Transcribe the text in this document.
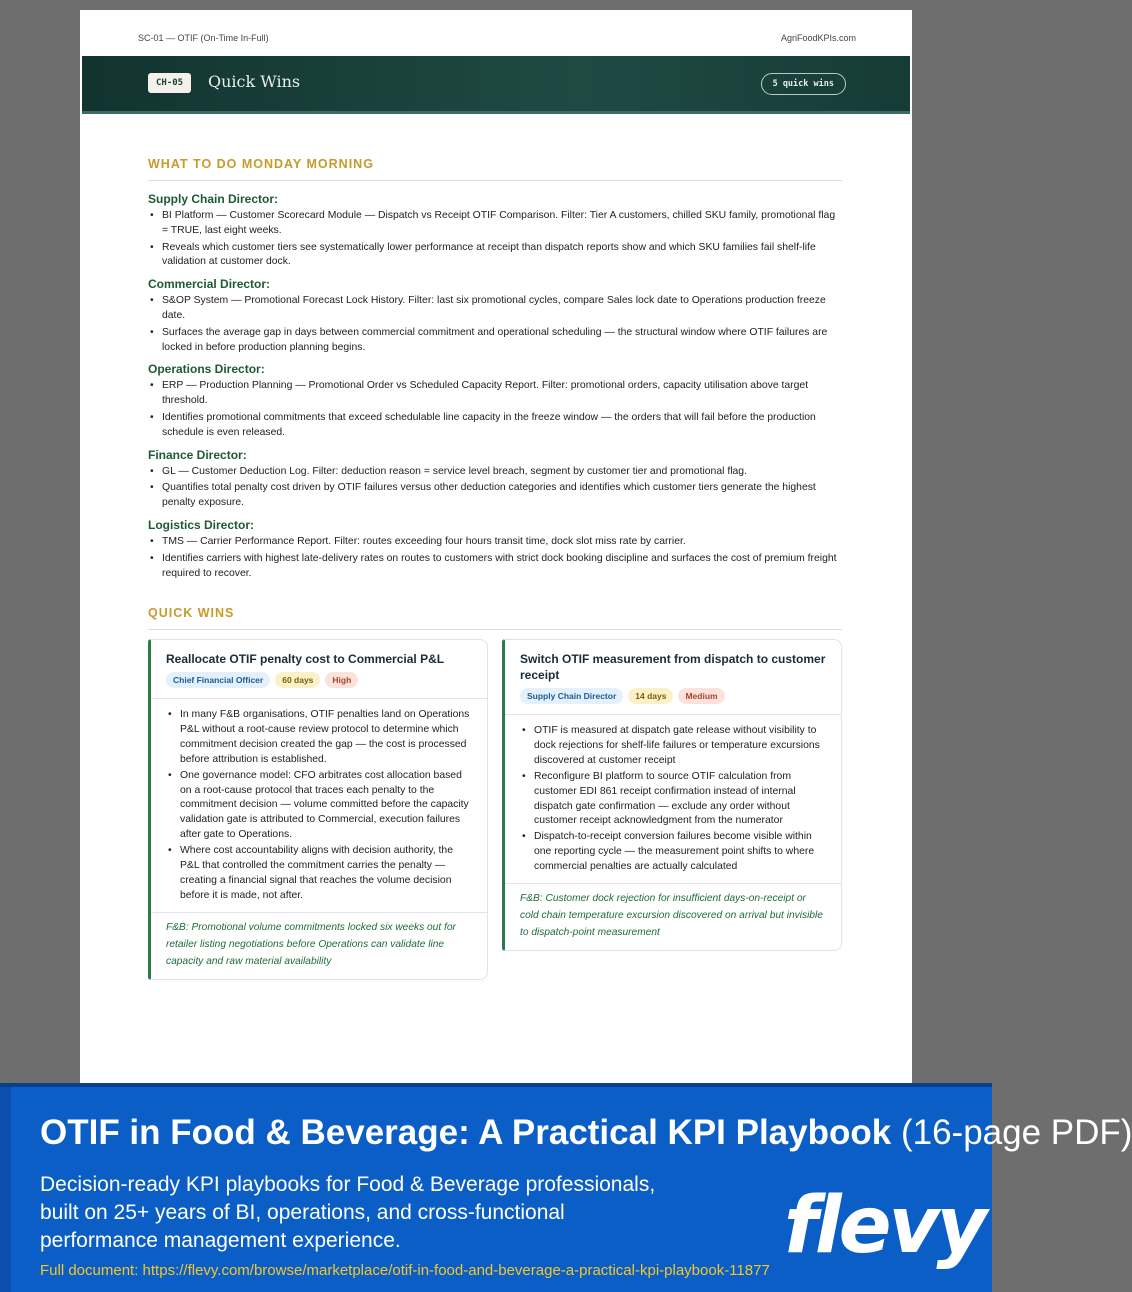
SC-01 — OTIF (On-Time In-Full)	AgriFoodKPIs.com
CH-05	Quick Wins	5 quick wins
WHAT TO DO MONDAY MORNING
Supply Chain Director:
• BI Platform — Customer Scorecard Module — Dispatch vs Receipt OTIF Comparison. Filter: Tier A customers, chilled SKU family, promotional flag = TRUE, last eight weeks.
• Reveals which customer tiers see systematically lower performance at receipt than dispatch reports show and which SKU families fail shelf-life validation at customer dock.
Commercial Director:
• S&OP System — Promotional Forecast Lock History. Filter: last six promotional cycles, compare Sales lock date to Operations production freeze date.
• Surfaces the average gap in days between commercial commitment and operational scheduling — the structural window where OTIF failures are locked in before production planning begins.
Operations Director:
• ERP — Production Planning — Promotional Order vs Scheduled Capacity Report. Filter: promotional orders, capacity utilisation above target threshold.
• Identifies promotional commitments that exceed schedulable line capacity in the freeze window — the orders that will fail before the production schedule is even released.
Finance Director:
• GL — Customer Deduction Log. Filter: deduction reason = service level breach, segment by customer tier and promotional flag.
• Quantifies total penalty cost driven by OTIF failures versus other deduction categories and identifies which customer tiers generate the highest penalty exposure.
Logistics Director:
• TMS — Carrier Performance Report. Filter: routes exceeding four hours transit time, dock slot miss rate by carrier.
• Identifies carriers with highest late-delivery rates on routes to customers with strict dock booking discipline and surfaces the cost of premium freight required to recover.
QUICK WINS
Reallocate OTIF penalty cost to Commercial P&L
Chief Financial Officer	60 days	High
• In many F&B organisations, OTIF penalties land on Operations P&L without a root-cause review protocol to determine which commitment decision created the gap — the cost is processed before attribution is established.
• One governance model: CFO arbitrates cost allocation based on a root-cause protocol that traces each penalty to the commitment decision — volume committed before the capacity validation gate is attributed to Commercial, execution failures after gate to Operations.
• Where cost accountability aligns with decision authority, the P&L that controlled the commitment carries the penalty — creating a financial signal that reaches the volume decision before it is made, not after.
F&B: Promotional volume commitments locked six weeks out for retailer listing negotiations before Operations can validate line capacity and raw material availability
Switch OTIF measurement from dispatch to customer receipt
Supply Chain Director	14 days	Medium
• OTIF is measured at dispatch gate release without visibility to dock rejections for shelf-life failures or temperature excursions discovered at customer receipt
• Reconfigure BI platform to source OTIF calculation from customer EDI 861 receipt confirmation instead of internal dispatch gate confirmation — exclude any order without customer receipt acknowledgment from the numerator
• Dispatch-to-receipt conversion failures become visible within one reporting cycle — the measurement point shifts to where commercial penalties are actually calculated
F&B: Customer dock rejection for insufficient days-on-receipt or cold chain temperature excursion discovered on arrival but invisible to dispatch-point measurement
OTIF in Food & Beverage: A Practical KPI Playbook (16-page PDF)
Decision-ready KPI playbooks for Food & Beverage professionals, built on 25+ years of BI, operations, and cross-functional performance management experience.	flevy
Full document: https://flevy.com/browse/marketplace/otif-in-food-and-beverage-a-practical-kpi-playbook-11877
